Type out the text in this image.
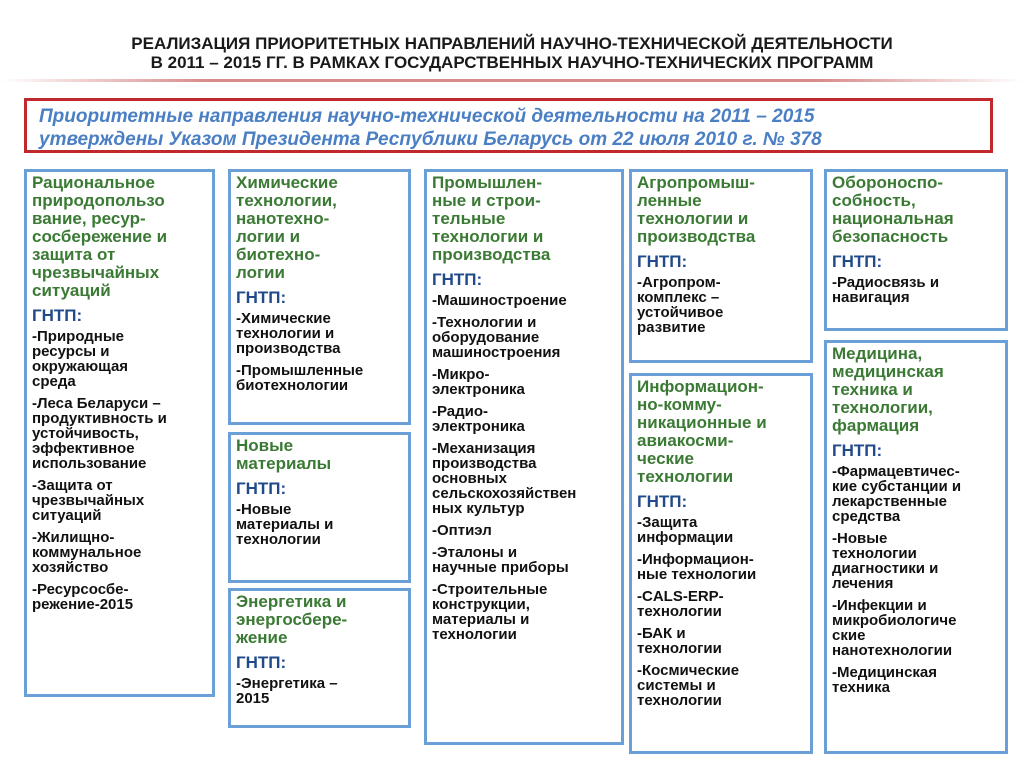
РЕАЛИЗАЦИЯ ПРИОРИТЕТНЫХ НАПРАВЛЕНИЙ НАУЧНО-ТЕХНИЧЕСКОЙ ДЕЯТЕЛЬНОСТИ
В 2011 – 2015 ГГ. В РАМКАХ ГОСУДАРСТВЕННЫХ НАУЧНО-ТЕХНИЧЕСКИХ ПРОГРАММ
Приоритетные направления научно-технической деятельности на 2011 – 2015
утверждены Указом Президента Республики Беларусь от 22 июля 2010 г. № 378
Рациональное
природопользо
вание, ресур-
сосбережение и
защита от
чрезвычайных
ситуаций
ГНТП:
-Природные
ресурсы и
окружающая
среда
-Леса Беларуси –
продуктивность и
устойчивость,
эффективное
использование
-Защита от
чрезвычайных
ситуаций
-Жилищно-
коммунальное
хозяйство
-Ресурсосбе-
режение-2015
Химические
технологии,
нанотехно-
логии и
биотехно-
логии
ГНТП:
-Химические
технологии и
производства
-Промышленные
биотехнологии
Новые
материалы
ГНТП:
-Новые
материалы и
технологии
Энергетика и
энергосбере-
жение
ГНТП:
-Энергетика –
2015
Промышлен-
ные и строи-
тельные
технологии и
производства
ГНТП:
-Машиностроение
-Технологии и
оборудование
машиностроения
-Микро-
электроника
-Радио-
электроника
-Механизация
производства
основных
сельскохозяйствен
ных культур
-Оптиэл
-Эталоны и
научные приборы
-Строительные
конструкции,
материалы и
технологии
Агропромыш-
ленные
технологии и
производства
ГНТП:
-Агропром-
комплекс –
устойчивое
развитие
Информацион-
но-комму-
никационные и
авиакосми-
ческие
технологии
ГНТП:
-Защита
информации
-Информацион-
ные технологии
-CALS-ERP-
технологии
-БАК и
технологии
-Космические
системы и
технологии
Обороноспо-
собность,
национальная
безопасность
ГНТП:
-Радиосвязь и
навигация
Медицина,
медицинская
техника и
технологии,
фармация
ГНТП:
-Фармацевтичес-
кие субстанции и
лекарственные
средства
-Новые
технологии
диагностики и
лечения
-Инфекции и
микробиологиче
ские
нанотехнологии
-Медицинская
техника
